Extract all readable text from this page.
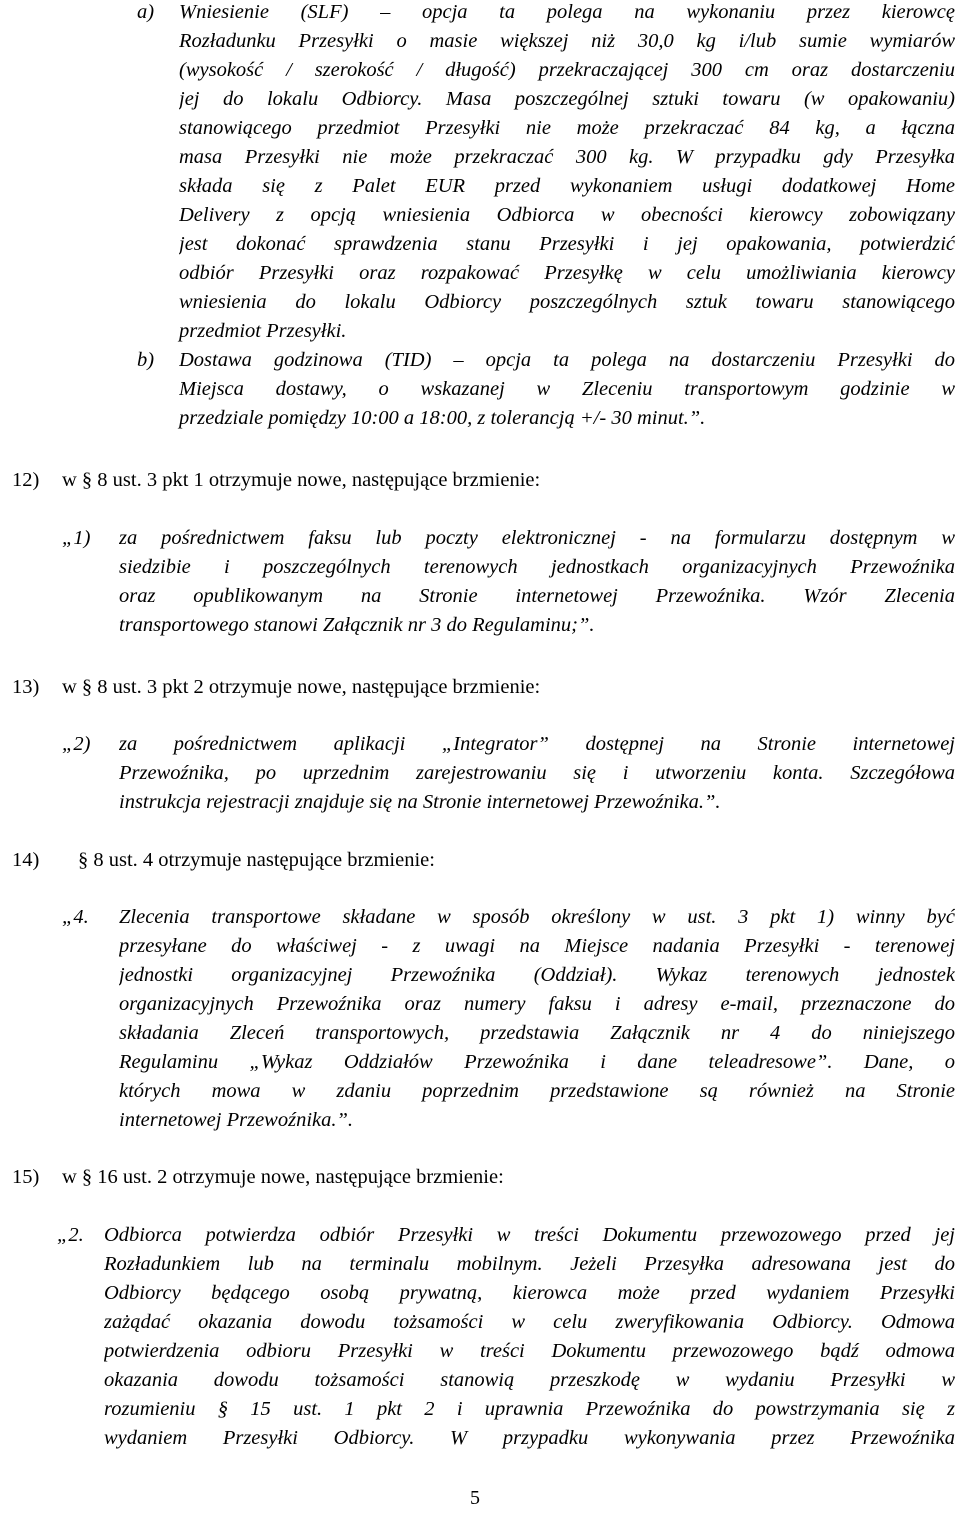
a) Wniesienie (SLF) – opcja ta polega na wykonaniu przez kierowcę
Rozładunku Przesyłki o masie większej niż 30,0 kg i/lub sumie wymiarów
(wysokość / szerokość / długość) przekraczającej 300 cm oraz dostarczeniu
jej do lokalu Odbiorcy. Masa poszczególnej sztuki towaru (w opakowaniu)
stanowiącego przedmiot Przesyłki nie może przekraczać 84 kg, a łączna
masa Przesyłki nie może przekraczać 300 kg. W przypadku gdy Przesyłka
składa się z Palet EUR przed wykonaniem usługi dodatkowej Home
Delivery z opcją wniesienia Odbiorca w obecności kierowcy zobowiązany
jest dokonać sprawdzenia stanu Przesyłki i jej opakowania, potwierdzić
odbiór Przesyłki oraz rozpakować Przesyłkę w celu umożliwiania kierowcy
wniesienia do lokalu Odbiorcy poszczególnych sztuk towaru stanowiącego
przedmiot Przesyłki.
b) Dostawa godzinowa (TID) – opcja ta polega na dostarczeniu Przesyłki do
Miejsca dostawy, o wskazanej w Zleceniu transportowym godzinie w
przedziale pomiędzy 10:00 a 18:00, z tolerancją +/- 30 minut.”.
12) w § 8 ust. 3 pkt 1 otrzymuje nowe, następujące brzmienie:
„1) za pośrednictwem faksu lub poczty elektronicznej - na formularzu dostępnym w
siedzibie i poszczególnych terenowych jednostkach organizacyjnych Przewoźnika
oraz opublikowanym na Stronie internetowej Przewoźnika. Wzór Zlecenia
transportowego stanowi Załącznik nr 3 do Regulaminu;”.
13) w § 8 ust. 3 pkt 2 otrzymuje nowe, następujące brzmienie:
„2) za pośrednictwem aplikacji „Integrator” dostępnej na Stronie internetowej
Przewoźnika, po uprzednim zarejestrowaniu się i utworzeniu konta. Szczegółowa
instrukcja rejestracji znajduje się na Stronie internetowej Przewoźnika.”.
14) § 8 ust. 4 otrzymuje następujące brzmienie:
„4. Zlecenia transportowe składane w sposób określony w ust. 3 pkt 1) winny być
przesyłane do właściwej - z uwagi na Miejsce nadania Przesyłki - terenowej
jednostki organizacyjnej Przewoźnika (Oddział). Wykaz terenowych jednostek
organizacyjnych Przewoźnika oraz numery faksu i adresy e-mail, przeznaczone do
składania Zleceń transportowych, przedstawia Załącznik nr 4 do niniejszego
Regulaminu „Wykaz Oddziałów Przewoźnika i dane teleadresowe”. Dane, o
których mowa w zdaniu poprzednim przedstawione są również na Stronie
internetowej Przewoźnika.”.
15) w § 16 ust. 2 otrzymuje nowe, następujące brzmienie:
„2. Odbiorca potwierdza odbiór Przesyłki w treści Dokumentu przewozowego przed jej
Rozładunkiem lub na terminalu mobilnym. Jeżeli Przesyłka adresowana jest do
Odbiorcy będącego osobą prywatną, kierowca może przed wydaniem Przesyłki
zażądać okazania dowodu tożsamości w celu zweryfikowania Odbiorcy. Odmowa
potwierdzenia odbioru Przesyłki w treści Dokumentu przewozowego bądź odmowa
okazania dowodu tożsamości stanowią przeszkodę w wydaniu Przesyłki w
rozumieniu § 15 ust. 1 pkt 2 i uprawnia Przewoźnika do powstrzymania się z
wydaniem Przesyłki Odbiorcy. W przypadku wykonywania przez Przewoźnika
5
